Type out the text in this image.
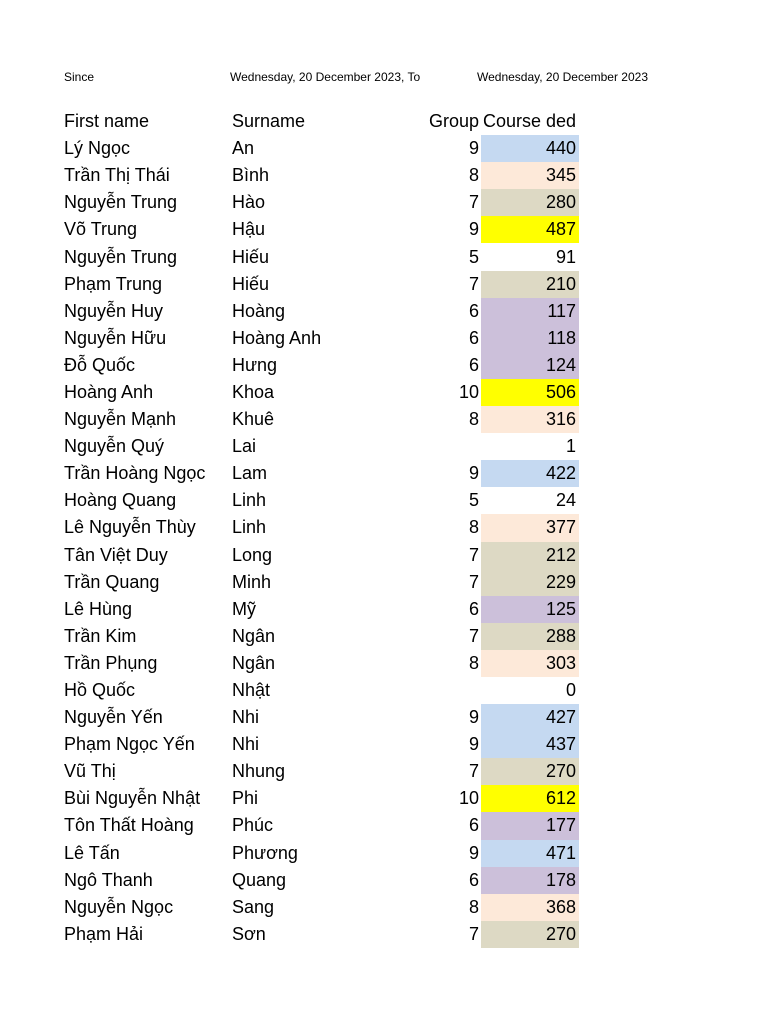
Since	Wednesday, 20 December 2023, To	Wednesday, 20 December 2023
First name	Surname	Group	Course ded
Lý Ngọc	An	9	440
Trần Thị Thái	Bình	8	345
Nguyễn Trung	Hào	7	280
Võ Trung	Hậu	9	487
Nguyễn Trung	Hiếu	5	91
Phạm Trung	Hiếu	7	210
Nguyễn Huy	Hoàng	6	117
Nguyễn Hữu	Hoàng Anh	6	118
Đỗ Quốc	Hưng	6	124
Hoàng Anh	Khoa	10	506
Nguyễn Mạnh	Khuê	8	316
Nguyễn Quý	Lai		1
Trần Hoàng Ngọc	Lam	9	422
Hoàng Quang	Linh	5	24
Lê Nguyễn Thùy	Linh	8	377
Tân Việt Duy	Long	7	212
Trần Quang	Minh	7	229
Lê Hùng	Mỹ	6	125
Trần Kim	Ngân	7	288
Trần Phụng	Ngân	8	303
Hồ Quốc	Nhật		0
Nguyễn Yến	Nhi	9	427
Phạm Ngọc Yến	Nhi	9	437
Vũ Thị	Nhung	7	270
Bùi Nguyễn Nhật	Phi	10	612
Tôn Thất Hoàng	Phúc	6	177
Lê Tấn	Phương	9	471
Ngô Thanh	Quang	6	178
Nguyễn Ngọc	Sang	8	368
Phạm Hải	Sơn	7	270
